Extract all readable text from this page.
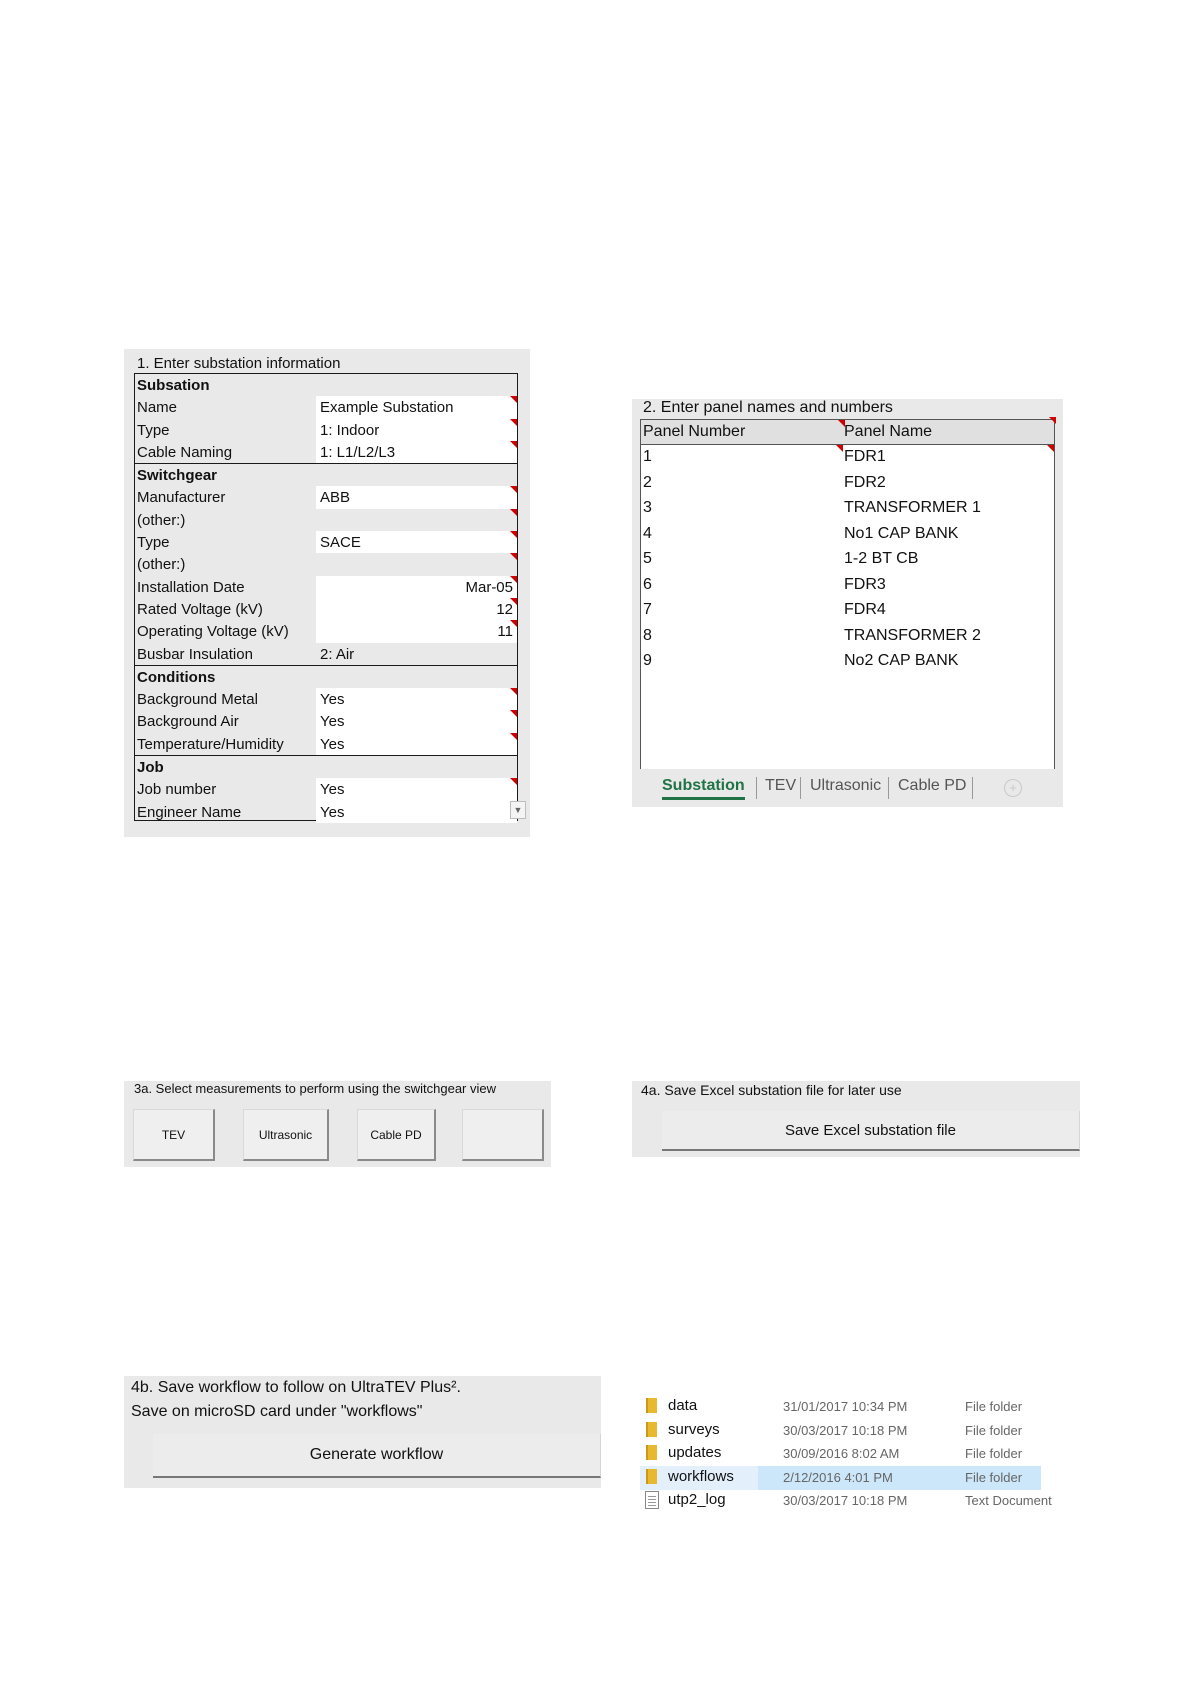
1. Enter substation information
Subsation
Name	Example Substation
Type	1: Indoor
Cable Naming	1: L1/L2/L3
Switchgear
Manufacturer	ABB
(other:)
Type	SACE
(other:)
Installation Date	Mar-05
Rated Voltage (kV)	12
Operating Voltage (kV)	11
Busbar Insulation	2: Air
Conditions
Background Metal	Yes
Background Air	Yes
Temperature/Humidity Yes
Job
Job number	Yes
Engineer Name	Yes	▼
2. Enter panel names and numbers
Panel Number	Panel Name
1	FDR1
2	FDR2
3	TRANSFORMER 1
4	No1 CAP BANK
5	1-2 BT CB
6	FDR3
7	FDR4
8	TRANSFORMER 2
9	No2 CAP BANK
Substation TEV Ultrasonic Cable PD	+
3a. Select measurements to perform using the switchgear view
TEV	Ultrasonic	Cable PD
4a. Save Excel substation file for later use
Save Excel substation file
4b. Save workflow to follow on UltraTEV Plus².
Save on microSD card under "workflows"
Generate workflow
data	31/01/2017 10:34 PM	File folder
surveys	30/03/2017 10:18 PM	File folder
updates	30/09/2016 8:02 AM	File folder
workflows	2/12/2016 4:01 PM	File folder
utp2_log	30/03/2017 10:18 PM	Text Document
